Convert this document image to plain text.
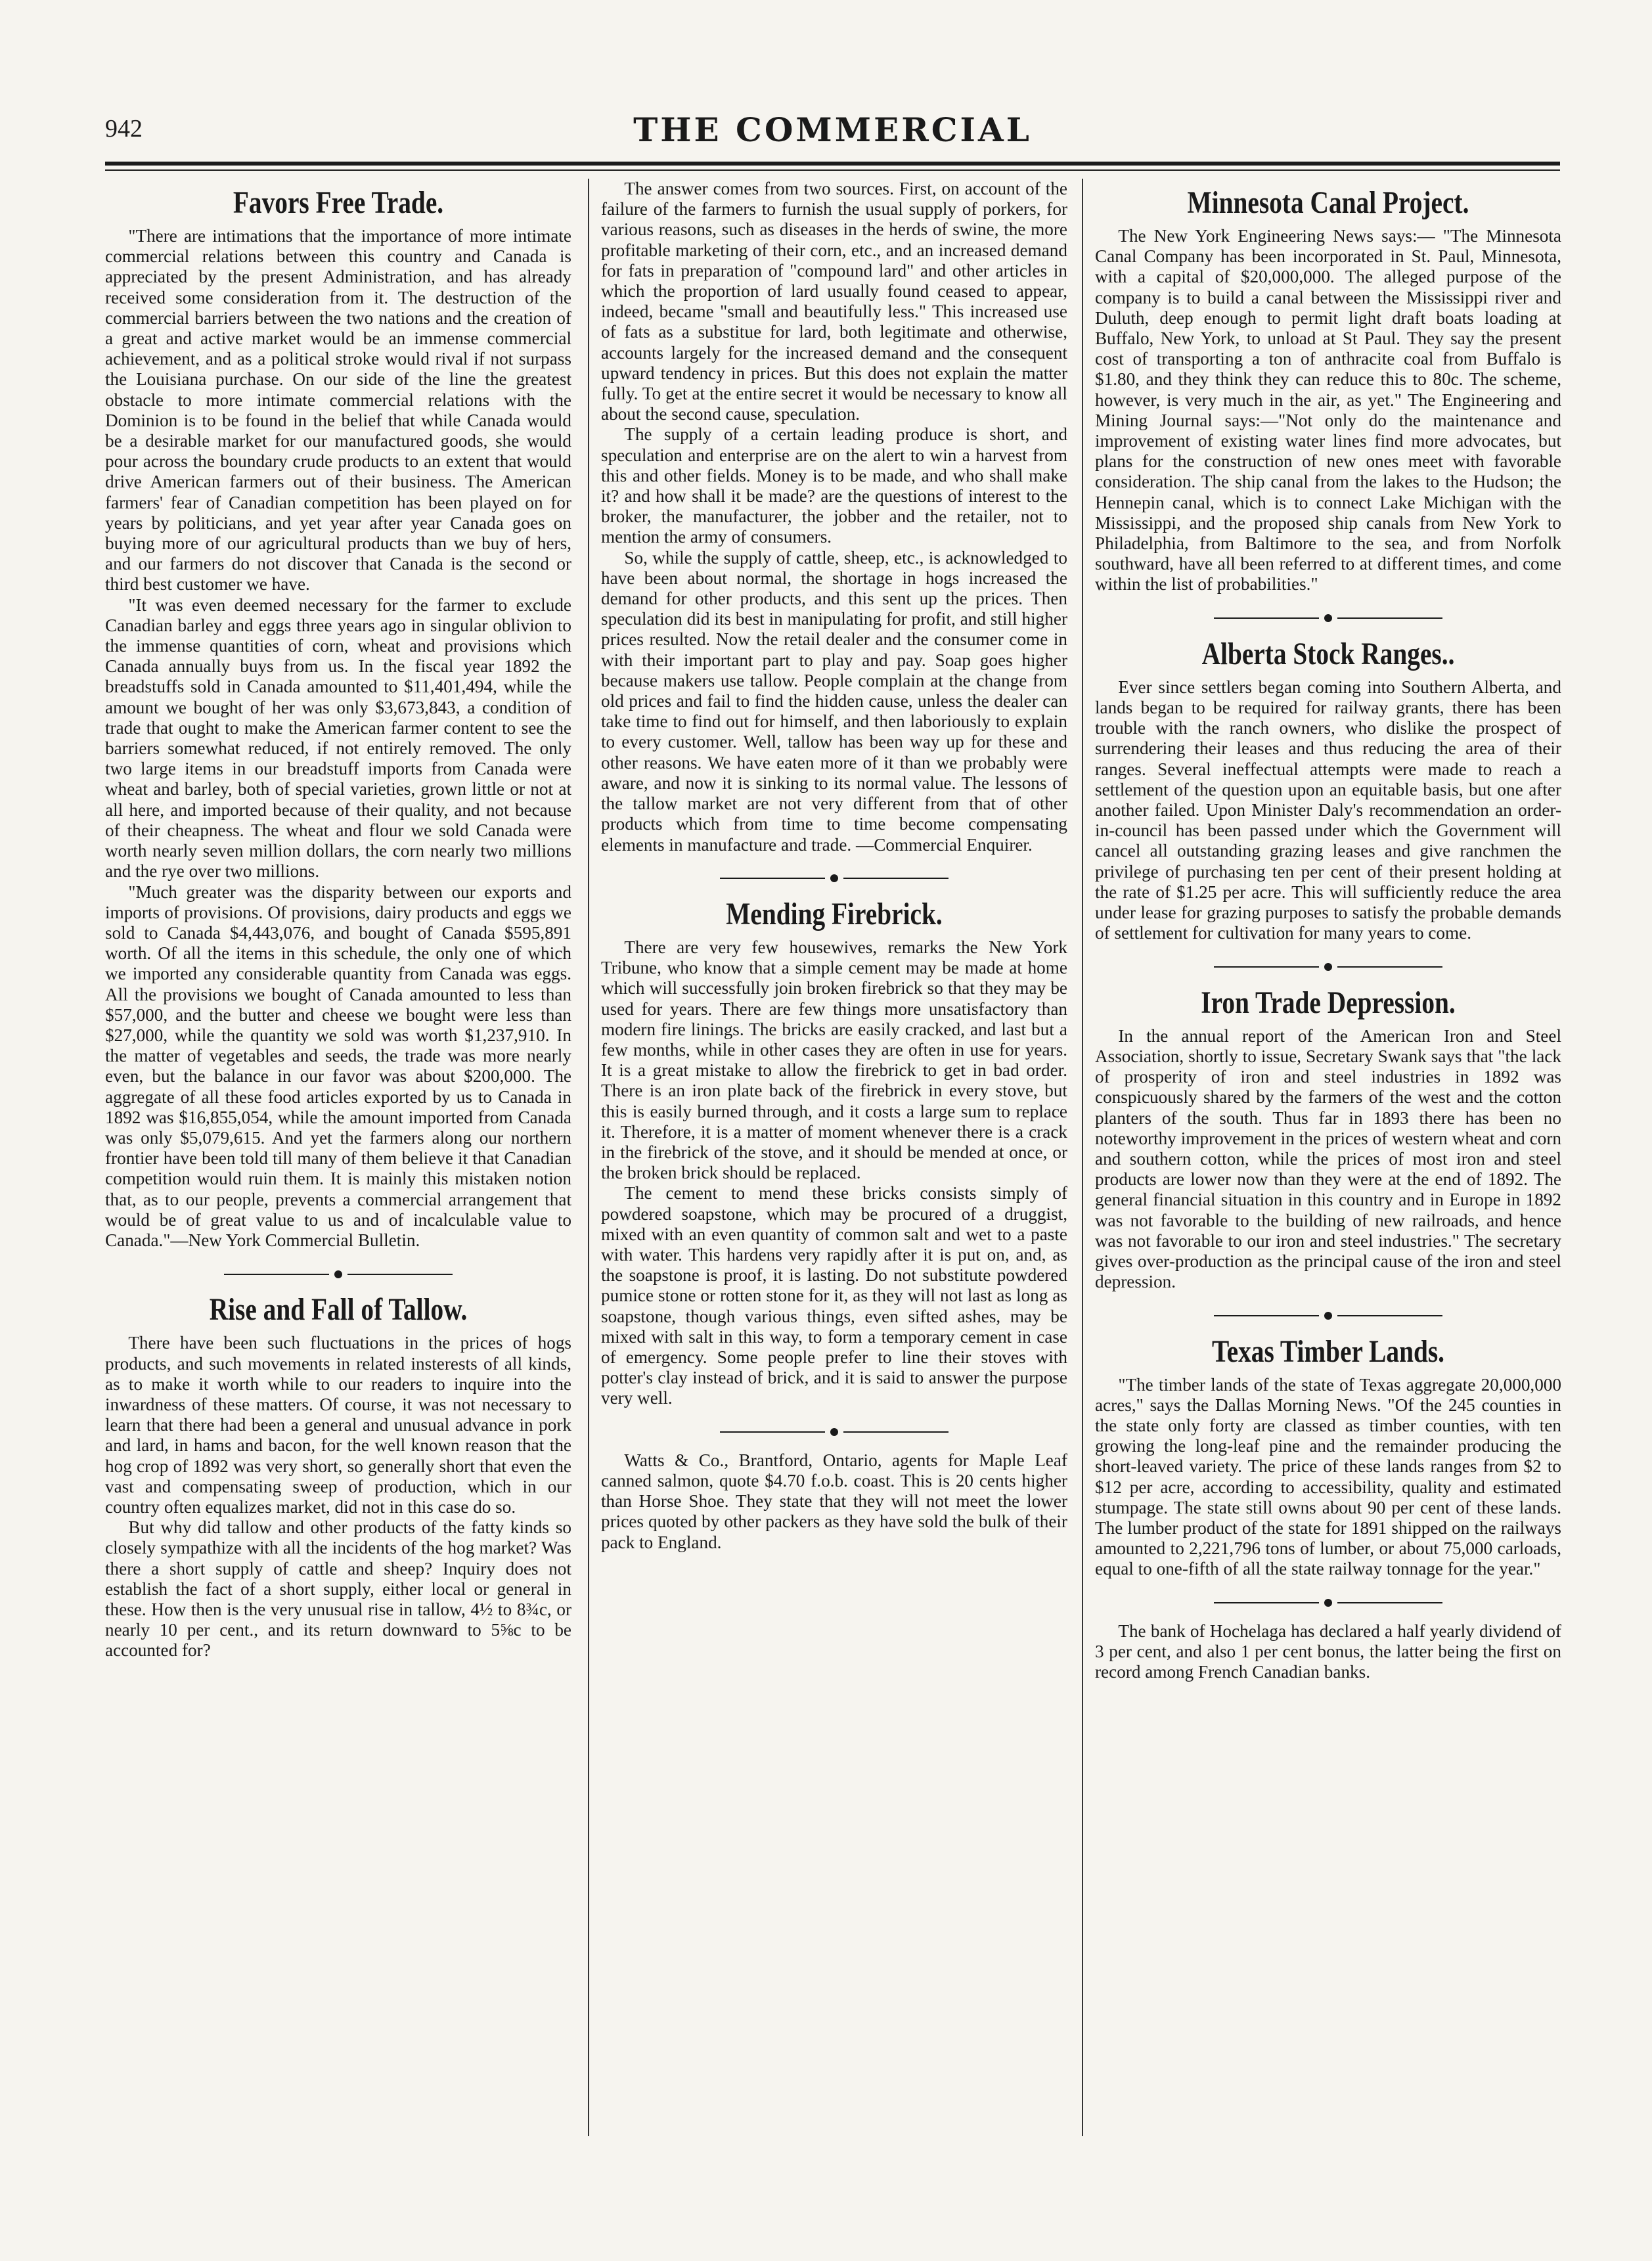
942	THE COMMERCIAL
Favors Free Trade.

"There are intimations that the importance of more intimate commercial relations between this country and Canada is appreciated by the present Administration, and has already received some consideration from it. The destruction of the commercial barriers between the two nations and the creation of a great and active market would be an immense commercial achievement, and as a political stroke would rival if not surpass the Louisiana purchase. On our side of the line the greatest obstacle to more intimate commercial relations with the Dominion is to be found in the belief that while Canada would be a desirable market for our manufactured goods, she would pour across the boundary crude products to an extent that would drive American farmers out of their business. The American farmers' fear of Canadian competition has been played on for years by politicians, and yet year after year Canada goes on buying more of our agricultural products than we buy of hers, and our farmers do not discover that Canada is the second or third best customer we have.

"It was even deemed necessary for the farmer to exclude Canadian barley and eggs three years ago in singular oblivion to the immense quantities of corn, wheat and provisions which Canada annually buys from us. In the fiscal year 1892 the breadstuffs sold in Canada amounted to $11,401,494, while the amount we bought of her was only $3,673,843, a condition of trade that ought to make the American farmer content to see the barriers somewhat reduced, if not entirely removed. The only two large items in our breadstuff imports from Canada were wheat and barley, both of special varieties, grown little or not at all here, and imported because of their quality, and not because of their cheapness. The wheat and flour we sold Canada were worth nearly seven million dollars, the corn nearly two millions and the rye over two millions.

"Much greater was the disparity between our exports and imports of provisions. Of provisions, dairy products and eggs we sold to Canada $4,443,076, and bought of Canada $595,891 worth. Of all the items in this schedule, the only one of which we imported any considerable quantity from Canada was eggs. All the provisions we bought of Canada amounted to less than $57,000, and the butter and cheese we bought were less than $27,000, while the quantity we sold was worth $1,237,910. In the matter of vegetables and seeds, the trade was more nearly even, but the balance in our favor was about $200,000. The aggregate of all these food articles exported by us to Canada in 1892 was $16,855,054, while the amount imported from Canada was only $5,079,615. And yet the farmers along our northern frontier have been told till many of them believe it that Canadian competition would ruin them. It is mainly this mistaken notion that, as to our people, prevents a commercial arrangement that would be of great value to us and of incalculable value to Canada."—New York Commercial Bulletin.

Rise and Fall of Tallow.

There have been such fluctuations in the prices of hogs products, and such movements in related insterests of all kinds, as to make it worth while to our readers to inquire into the inwardness of these matters. Of course, it was not necessary to learn that there had been a general and unusual advance in pork and lard, in hams and bacon, for the well known reason that the hog crop of 1892 was very short, so generally short that even the vast and compensating sweep of production, which in our country often equalizes market, did not in this case do so.

But why did tallow and other products of the fatty kinds so closely sympathize with all the incidents of the hog market? Was there a short supply of cattle and sheep? Inquiry does not establish the fact of a short supply, either local or general in these. How then is the very unusual rise in tallow, 4½ to 8¾c, or nearly 10 per cent., and its return downward to 5⅝c to be accounted for?

The answer comes from two sources. First, on account of the failure of the farmers to furnish the usual supply of porkers, for various reasons, such as diseases in the herds of swine, the more profitable marketing of their corn, etc., and an increased demand for fats in preparation of "compound lard" and other articles in which the proportion of lard usually found ceased to appear, indeed, became "small and beautifully less." This increased use of fats as a substitue for lard, both legitimate and otherwise, accounts largely for the increased demand and the consequent upward tendency in prices. But this does not explain the matter fully. To get at the entire secret it would be necessary to know all about the second cause, speculation.

The supply of a certain leading produce is short, and speculation and enterprise are on the alert to win a harvest from this and other fields. Money is to be made, and who shall make it? and how shall it be made? are the questions of interest to the broker, the manufacturer, the jobber and the retailer, not to mention the army of consumers.

So, while the supply of cattle, sheep, etc., is acknowledged to have been about normal, the shortage in hogs increased the demand for other products, and this sent up the prices. Then speculation did its best in manipulating for profit, and still higher prices resulted. Now the retail dealer and the consumer come in with their important part to play and pay. Soap goes higher because makers use tallow. People complain at the change from old prices and fail to find the hidden cause, unless the dealer can take time to find out for himself, and then laboriously to explain to every customer. Well, tallow has been way up for these and other reasons. We have eaten more of it than we probably were aware, and now it is sinking to its normal value. The lessons of the tallow market are not very different from that of other products which from time to time become compensating elements in manufacture and trade. —Commercial Enquirer.

Mending Firebrick.

There are very few housewives, remarks the New York Tribune, who know that a simple cement may be made at home which will successfully join broken firebrick so that they may be used for years. There are few things more unsatisfactory than modern fire linings. The bricks are easily cracked, and last but a few months, while in other cases they are often in use for years. It is a great mistake to allow the firebrick to get in bad order. There is an iron plate back of the firebrick in every stove, but this is easily burned through, and it costs a large sum to replace it. Therefore, it is a matter of moment whenever there is a crack in the firebrick of the stove, and it should be mended at once, or the broken brick should be replaced.

The cement to mend these bricks consists simply of powdered soapstone, which may be procured of a druggist, mixed with an even quantity of common salt and wet to a paste with water. This hardens very rapidly after it is put on, and, as the soapstone is proof, it is lasting. Do not substitute powdered pumice stone or rotten stone for it, as they will not last as long as soapstone, though various things, even sifted ashes, may be mixed with salt in this way, to form a temporary cement in case of emergency. Some people prefer to line their stoves with potter's clay instead of brick, and it is said to answer the purpose very well.

Watts & Co., Brantford, Ontario, agents for Maple Leaf canned salmon, quote $4.70 f.o.b. coast. This is 20 cents higher than Horse Shoe. They state that they will not meet the lower prices quoted by other packers as they have sold the bulk of their pack to England.

Minnesota Canal Project.

The New York Engineering News says:— "The Minnesota Canal Company has been incorporated in St. Paul, Minnesota, with a capital of $20,000,000. The alleged purpose of the company is to build a canal between the Mississippi river and Duluth, deep enough to permit light draft boats loading at Buffalo, New York, to unload at St Paul. They say the present cost of transporting a ton of anthracite coal from Buffalo is $1.80, and they think they can reduce this to 80c. The scheme, however, is very much in the air, as yet." The Engineering and Mining Journal says:—"Not only do the maintenance and improvement of existing water lines find more advocates, but plans for the construction of new ones meet with favorable consideration. The ship canal from the lakes to the Hudson; the Hennepin canal, which is to connect Lake Michigan with the Mississippi, and the proposed ship canals from New York to Philadelphia, from Baltimore to the sea, and from Norfolk southward, have all been referred to at different times, and come within the list of probabilities."

Alberta Stock Ranges..

Ever since settlers began coming into Southern Alberta, and lands began to be required for railway grants, there has been trouble with the ranch owners, who dislike the prospect of surrendering their leases and thus reducing the area of their ranges. Several ineffectual attempts were made to reach a settlement of the question upon an equitable basis, but one after another failed. Upon Minister Daly's recommendation an order-in-council has been passed under which the Government will cancel all outstanding grazing leases and give ranchmen the privilege of purchasing ten per cent of their present holding at the rate of $1.25 per acre. This will sufficiently reduce the area under lease for grazing purposes to satisfy the probable demands of settlement for cultivation for many years to come.

Iron Trade Depression.

In the annual report of the American Iron and Steel Association, shortly to issue, Secretary Swank says that "the lack of prosperity of iron and steel industries in 1892 was conspicuously shared by the farmers of the west and the cotton planters of the south. Thus far in 1893 there has been no noteworthy improvement in the prices of western wheat and corn and southern cotton, while the prices of most iron and steel products are lower now than they were at the end of 1892. The general financial situation in this country and in Europe in 1892 was not favorable to the building of new railroads, and hence was not favorable to our iron and steel industries." The secretary gives over-production as the principal cause of the iron and steel depression.

Texas Timber Lands.

"The timber lands of the state of Texas aggregate 20,000,000 acres," says the Dallas Morning News. "Of the 245 counties in the state only forty are classed as timber counties, with ten growing the long-leaf pine and the remainder producing the short-leaved variety. The price of these lands ranges from $2 to $12 per acre, according to accessibility, quality and estimated stumpage. The state still owns about 90 per cent of these lands. The lumber product of the state for 1891 shipped on the railways amounted to 2,221,796 tons of lumber, or about 75,000 carloads, equal to one-fifth of all the state railway tonnage for the year."

The bank of Hochelaga has declared a half yearly dividend of 3 per cent, and also 1 per cent bonus, the latter being the first on record among French Canadian banks.
